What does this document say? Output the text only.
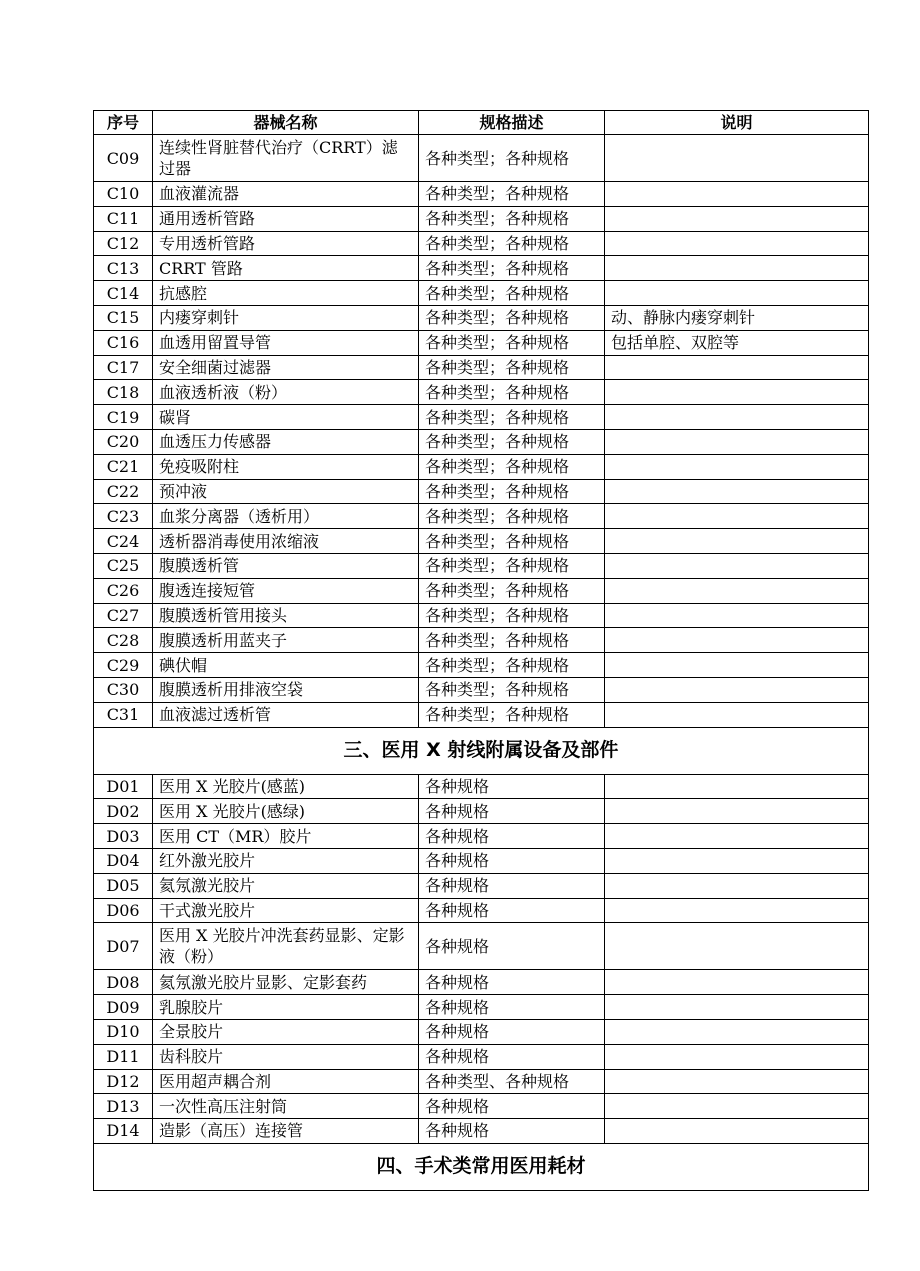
序号	器械名称	规格描述	说明
C09	连续性肾脏替代治疗（CRRT）滤过器	各种类型；各种规格	
C10	血液灌流器	各种类型；各种规格	
C11	通用透析管路	各种类型；各种规格	
C12	专用透析管路	各种类型；各种规格	
C13	CRRT 管路	各种类型；各种规格	
C14	抗感腔	各种类型；各种规格	
C15	内瘘穿刺针	各种类型；各种规格	动、静脉内瘘穿刺针
C16	血透用留置导管	各种类型；各种规格	包括单腔、双腔等
C17	安全细菌过滤器	各种类型；各种规格	
C18	血液透析液（粉）	各种类型；各种规格	
C19	碳肾	各种类型；各种规格	
C20	血透压力传感器	各种类型；各种规格	
C21	免疫吸附柱	各种类型；各种规格	
C22	预冲液	各种类型；各种规格	
C23	血浆分离器（透析用）	各种类型；各种规格	
C24	透析器消毒使用浓缩液	各种类型；各种规格	
C25	腹膜透析管	各种类型；各种规格	
C26	腹透连接短管	各种类型；各种规格	
C27	腹膜透析管用接头	各种类型；各种规格	
C28	腹膜透析用蓝夹子	各种类型；各种规格	
C29	碘伏帽	各种类型；各种规格	
C30	腹膜透析用排液空袋	各种类型；各种规格	
C31	血液滤过透析管	各种类型；各种规格	
三、医用 X 射线附属设备及部件			
D01	医用 X 光胶片(感蓝)	各种规格	
D02	医用 X 光胶片(感绿)	各种规格	
D03	医用 CT（MR）胶片	各种规格	
D04	红外激光胶片	各种规格	
D05	氦氖激光胶片	各种规格	
D06	干式激光胶片	各种规格	
D07	医用 X 光胶片冲洗套药显影、定影液（粉）	各种规格	
D08	氦氖激光胶片显影、定影套药	各种规格	
D09	乳腺胶片	各种规格	
D10	全景胶片	各种规格	
D11	齿科胶片	各种规格	
D12	医用超声耦合剂	各种类型、各种规格	
D13	一次性高压注射筒	各种规格	
D14	造影（高压）连接管	各种规格	
四、手术类常用医用耗材			
